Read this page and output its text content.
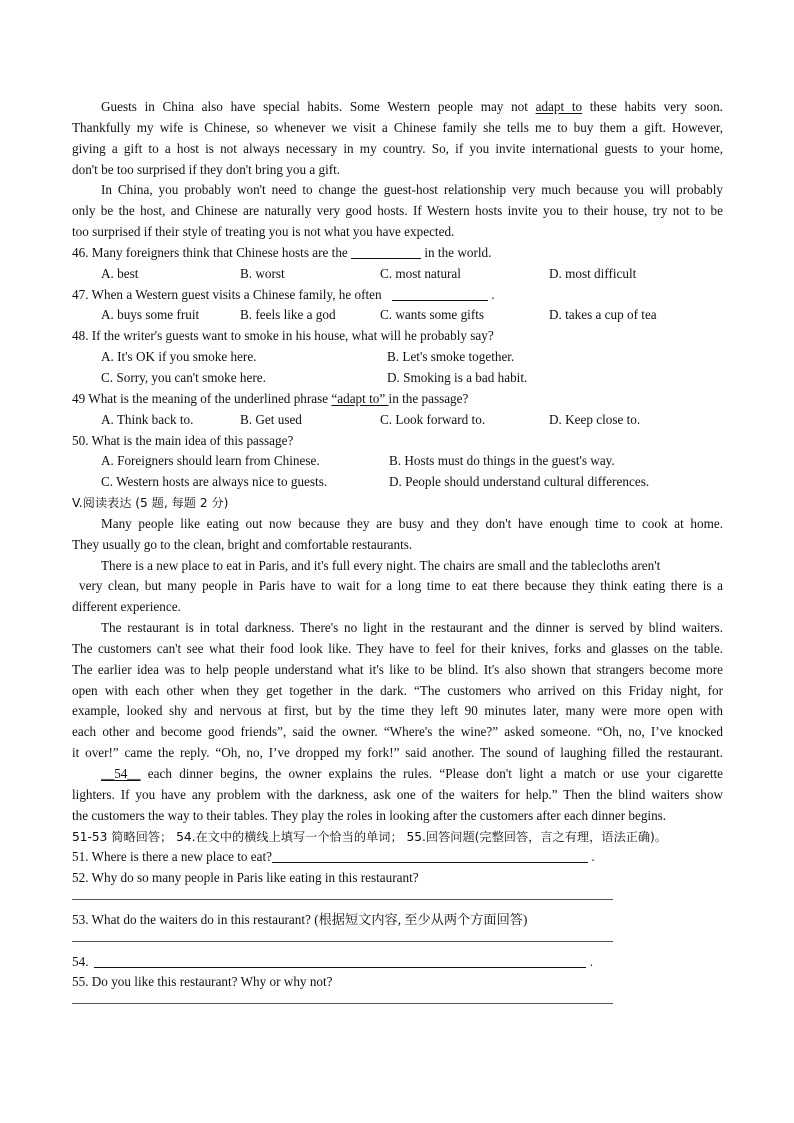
Guests in China also have special habits. Some Western people may not adapt to these habits very soon.
Thankfully my wife is Chinese, so whenever we visit a Chinese family she tells me to buy them a gift. However,
giving a gift to a host is not always necessary in my country. So, if you invite international guests to your home,
don't be too surprised if they don't bring you a gift.
In China, you probably won't need to change the guest-host relationship very much because you will probably
only be the host, and Chinese are naturally very good hosts. If Western hosts invite you to their house, try not to be
too surprised if their style of treating you is not what you have expected.
46. Many foreigners think that Chinese hosts are the	in the world.
A. best	B. worst	C. most natural	D. most difficult
47. When a Western guest visits a Chinese family, he often	.
A. buys some fruit	B. feels like a god	C. wants some gifts	D. takes a cup of tea
48. If the writer's guests want to smoke in his house, what will he probably say?
A. It's OK if you smoke here.	B. Let's smoke together.
C. Sorry, you can't smoke here.	D. Smoking is a bad habit.
49 What is the meaning of the underlined phrase “adapt to” in the passage?
A. Think back to.	B. Get used	C. Look forward to.	D. Keep close to.
50. What is the main idea of this passage?
A. Foreigners should learn from Chinese.	B. Hosts must do things in the guest's way.
C. Western hosts are always nice to guests.	D. People should understand cultural differences.
V.阅读表达 (5 题, 每题 2 分)
Many people like eating out now because they are busy and they don't have enough time to cook at home.
They usually go to the clean, bright and comfortable restaurants.
There is a new place to eat in Paris, and it's full every night. The chairs are small and the tablecloths aren't
very clean, but many people in Paris have to wait for a long time to eat there because they think eating there is a
different experience.
The restaurant is in total darkness. There's no light in the restaurant and the dinner is served by blind waiters.
The customers can't see what their food look like. They have to feel for their knives, forks and glasses on the table.
The earlier idea was to help people understand what it's like to be blind. It's also shown that strangers become more
open with each other when they get together in the dark. “The customers who arrived on this Friday night, for
example, looked shy and nervous at first, but by the time they left 90 minutes later, many were more open with
each other and become good friends”, said the owner. “Where's the wine?” asked someone. “Oh, no, I’ve knocked
it over!” came the reply. “Oh, no, I’ve dropped my fork!” said another. The sound of laughing filled the restaurant.
__54__ each dinner begins, the owner explains the rules. “Please don't light a match or use your cigarette
lighters. If you have any problem with the darkness, ask one of the waiters for help.” Then the blind waiters show
the customers the way to their tables. They play the roles in looking after the customers after each dinner begins.
51-53 简略回答； 54.在文中的横线上填写一个恰当的单词； 55.回答问题(完整回答，言之有理，语法正确)。
51. Where is there a new place to eat?	.
52. Why do so many people in Paris like eating in this restaurant?
53. What do the waiters do in this restaurant? (根据短文内容, 至少从两个方面回答)
54.	.
55. Do you like this restaurant? Why or why not?
